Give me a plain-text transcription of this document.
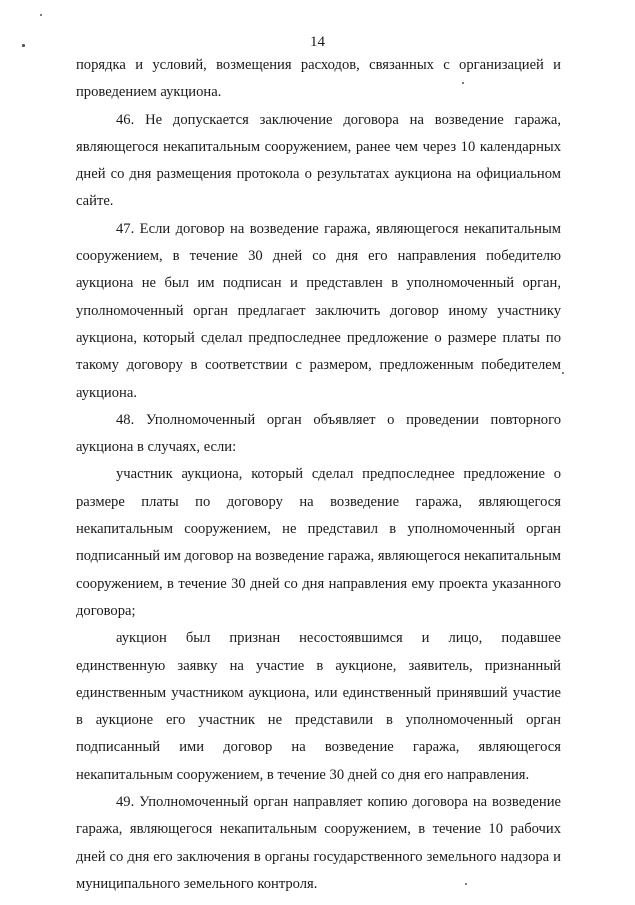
14

порядка и условий, возмещения расходов, связанных с организацией и проведением аукциона.

46. Не допускается заключение договора на возведение гаража, являющегося некапитальным сооружением, ранее чем через 10 календарных дней со дня размещения протокола о результатах аукциона на официальном сайте.

47. Если договор на возведение гаража, являющегося некапитальным сооружением, в течение 30 дней со дня его направления победителю аукциона не был им подписан и представлен в уполномоченный орган, уполномоченный орган предлагает заключить договор иному участнику аукциона, который сделал предпоследнее предложение о размере платы по такому договору в соответствии с размером, предложенным победителем аукциона.

48. Уполномоченный орган объявляет о проведении повторного аукциона в случаях, если:

участник аукциона, который сделал предпоследнее предложение о размере платы по договору на возведение гаража, являющегося некапитальным сооружением, не представил в уполномоченный орган подписанный им договор на возведение гаража, являющегося некапитальным сооружением, в течение 30 дней со дня направления ему проекта указанного договора;

аукцион был признан несостоявшимся и лицо, подавшее единственную заявку на участие в аукционе, заявитель, признанный единственным участником аукциона, или единственный принявший участие в аукционе его участник не представили в уполномоченный орган подписанный ими договор на возведение гаража, являющегося некапитальным сооружением, в течение 30 дней со дня его направления.

49. Уполномоченный орган направляет копию договора на возведение гаража, являющегося некапитальным сооружением, в течение 10 рабочих дней со дня его заключения в органы государственного земельного надзора и муниципального земельного контроля.
